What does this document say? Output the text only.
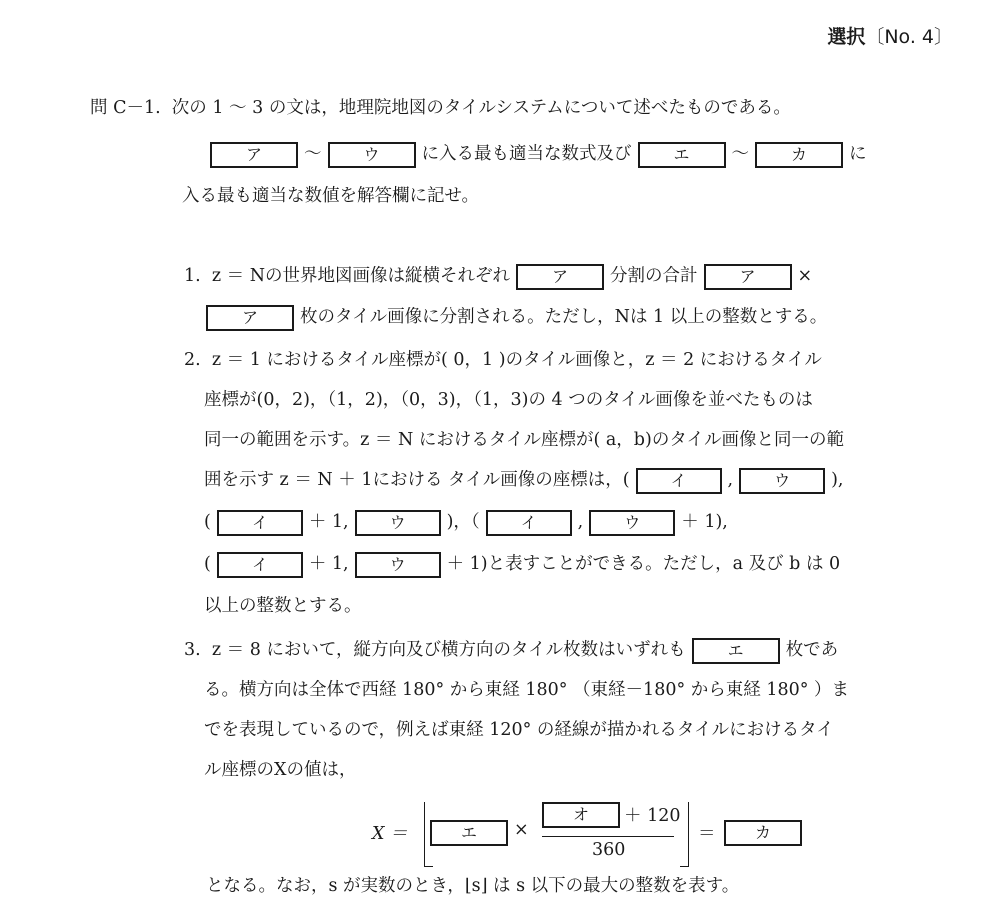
選択〔No. 4〕
問 C－1. 次の 1 ～ 3 の文は，地理院地図のタイルシステムについて述べたものである。
ア ～	ウ に入る最も適当な数式及び	エ ～	カ に
入る最も適当な数値を解答欄に記せ。
1. z ＝ Nの世界地図画像は縦横それぞれ	ア 分割の合計	ア ×
ア 枚のタイル画像に分割される。ただし，Nは 1 以上の整数とする。
2. z ＝ 1 におけるタイル座標が( 0，1 )のタイル画像と，z ＝ 2 におけるタイル
座標が(0，2)，（1，2)，（0，3)，（1，3)の 4 つのタイル画像を並べたものは
同一の範囲を示す。z ＝ N におけるタイル座標が( a，b)のタイル画像と同一の範
囲を示す z ＝ N ＋ 1における タイル画像の座標は，(	イ ,	ウ ),
(	イ ＋ 1,	ウ )，（	イ ,	ウ ＋ 1),
(	イ ＋ 1,	ウ ＋ 1)と表すことができる。ただし，a 及び b は 0
以上の整数とする。
3. z ＝ 8 において，縦方向及び横方向のタイル枚数はいずれも	エ 枚であ
る。横方向は全体で西経 180° から東経 180° （東経－180° から東経 180° ）ま
でを表現しているので，例えば東経 120° の経線が描かれるタイルにおけるタイ
ル座標のXの値は，
X ＝	エ	×
オ	＋ 120
360
＝	カ
となる。なお，s が実数のとき，⌊s⌋ は s 以下の最大の整数を表す。
